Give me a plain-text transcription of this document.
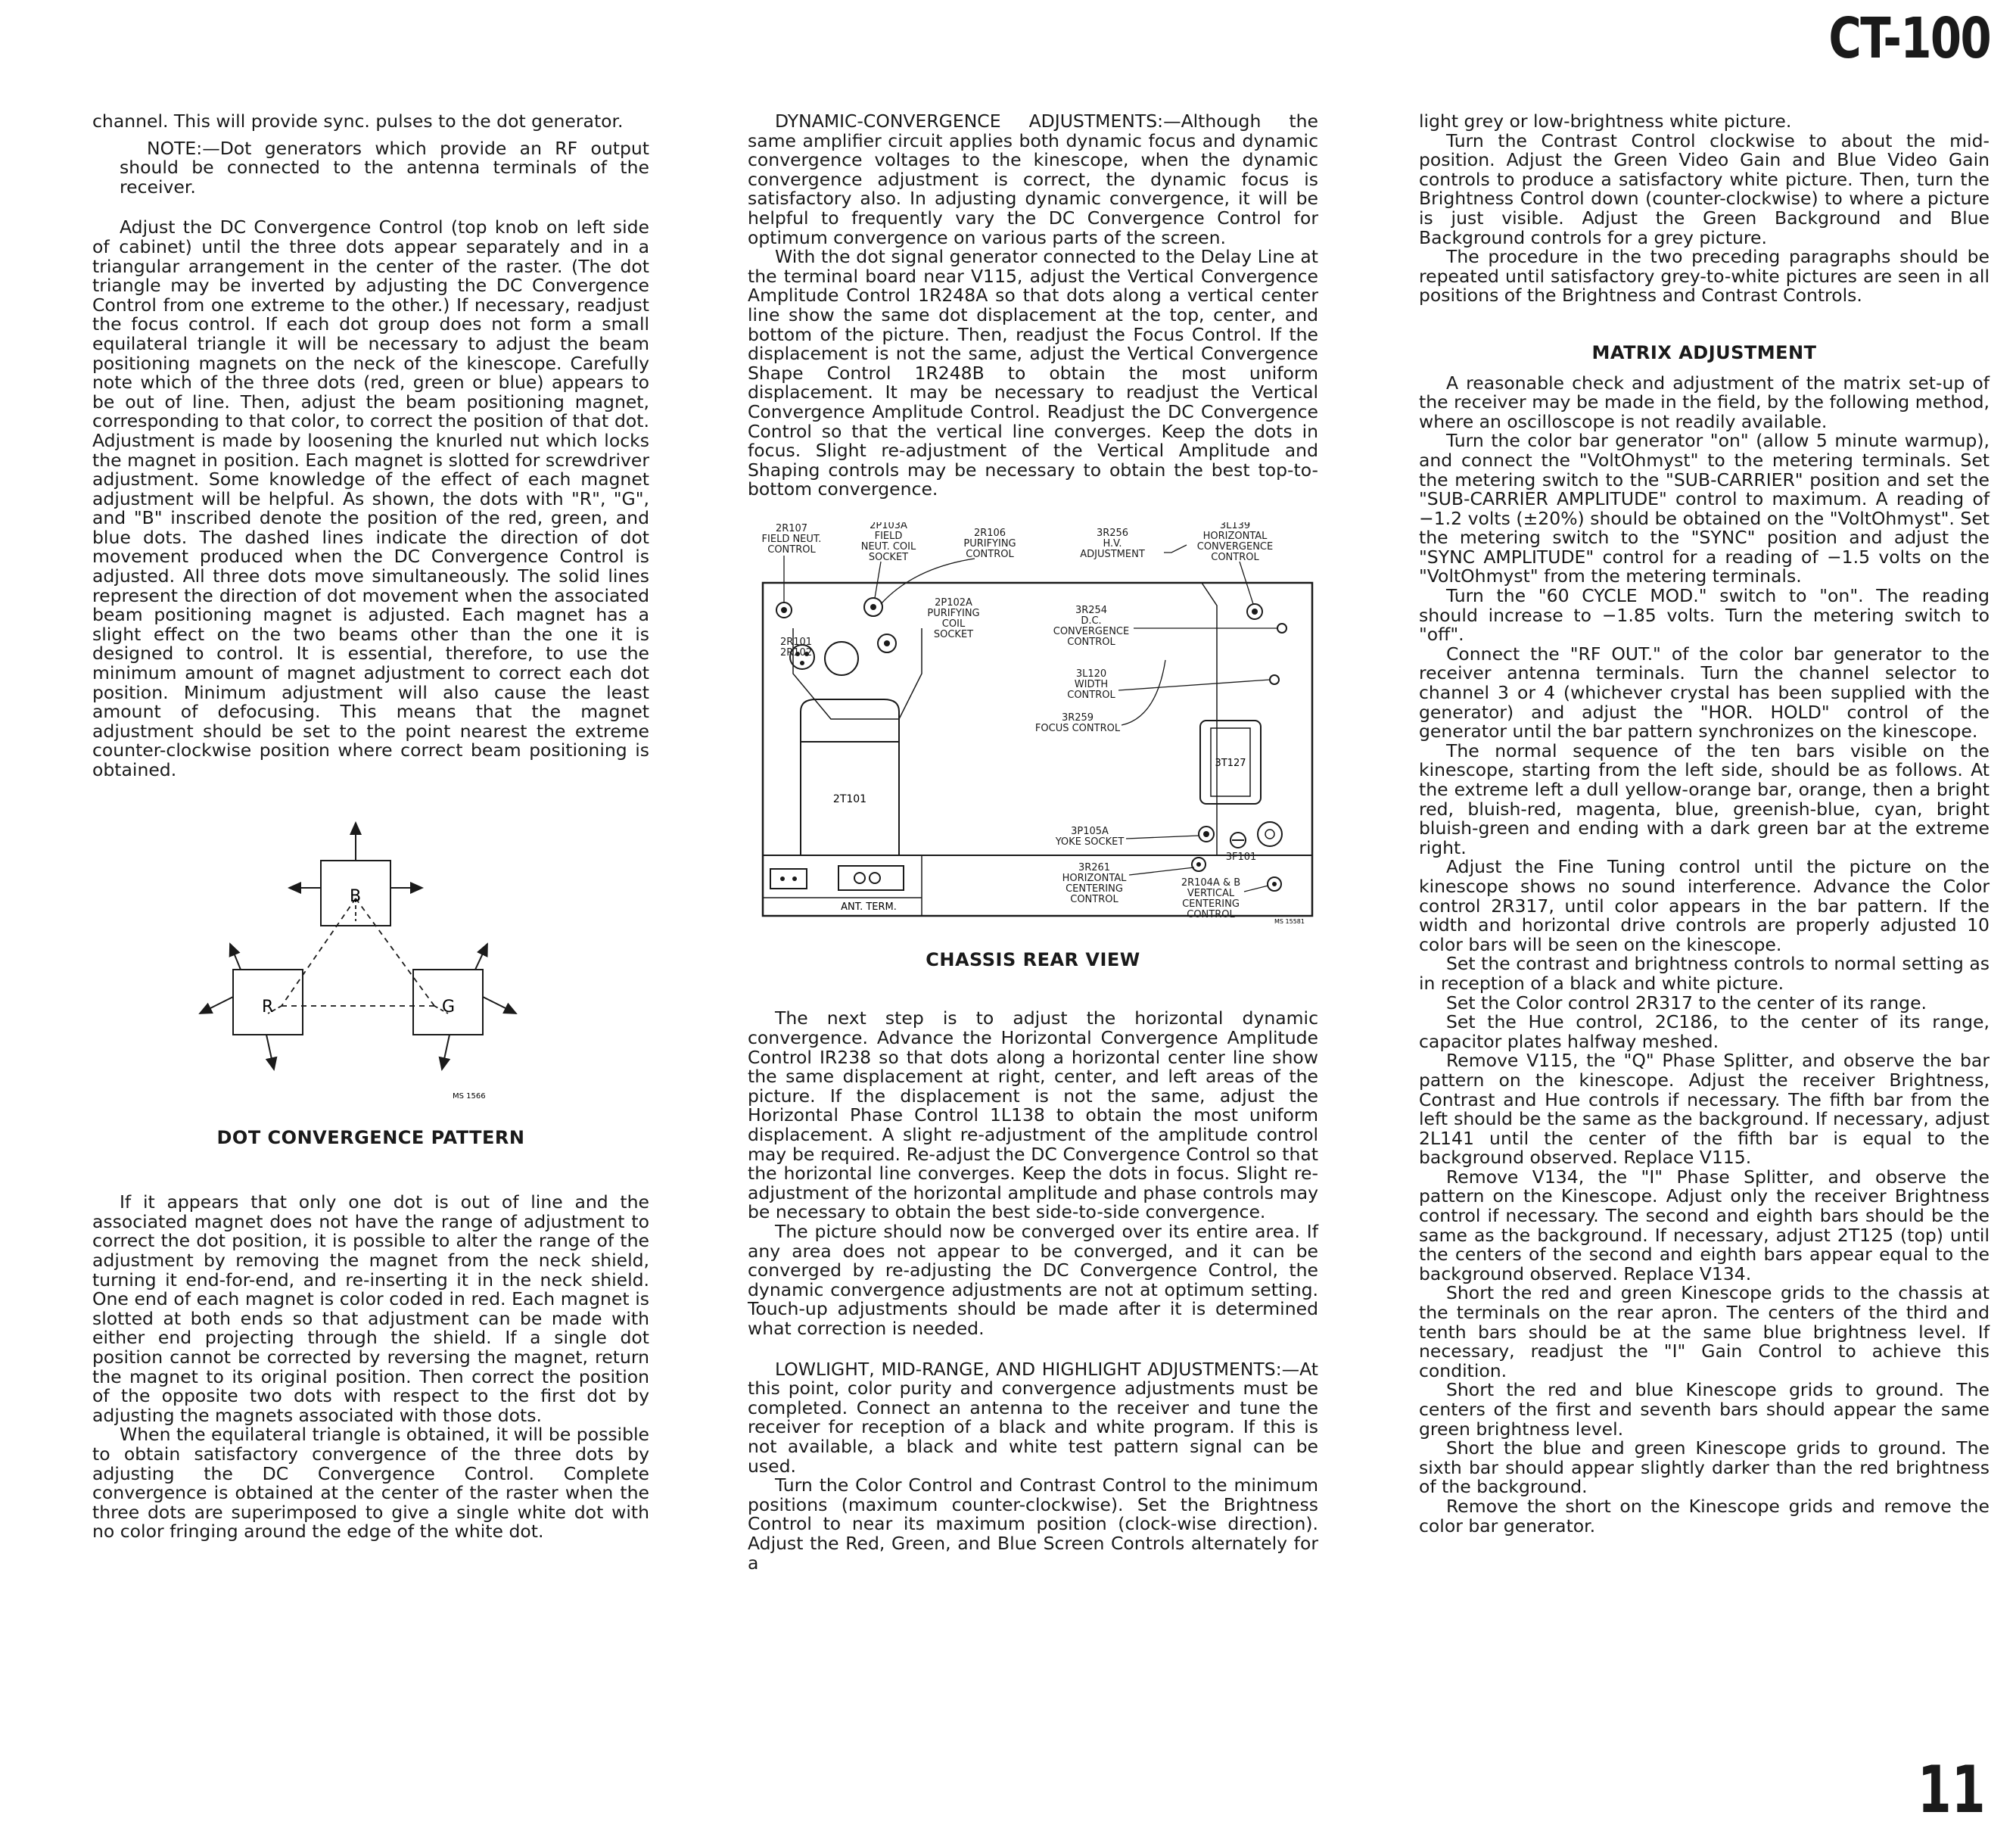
CT-100

channel. This will provide sync. pulses to the dot generator.

NOTE:—Dot generators which provide an RF output should be connected to the antenna terminals of the receiver.

Adjust the DC Convergence Control (top knob on left side of cabinet) until the three dots appear separately and in a triangular arrangement in the center of the raster. (The dot triangle may be inverted by adjusting the DC Convergence Control from one extreme to the other.) If necessary, readjust the focus control. If each dot group does not form a small equilateral triangle it will be necessary to adjust the beam positioning magnets on the neck of the kinescope. Carefully note which of the three dots (red, green or blue) appears to be out of line. Then, adjust the beam positioning magnet, corresponding to that color, to correct the position of that dot. Adjustment is made by loosening the knurled nut which locks the magnet in position. Each magnet is slotted for screwdriver adjustment. Some knowledge of the effect of each magnet adjustment will be helpful. As shown, the dots with "R", "G", and "B" inscribed denote the position of the red, green, and blue dots. The dashed lines indicate the direction of dot movement produced when the DC Convergence Control is adjusted. All three dots move simultaneously. The solid lines represent the direction of dot movement when the associated beam positioning magnet is adjusted. Each magnet has a slight effect on the two beams other than the one it is designed to control. It is essential, therefore, to use the minimum amount of magnet adjustment to correct each dot position. Minimum adjustment will also cause the least amount of defocusing. This means that the magnet adjustment should be set to the point nearest the extreme counter-clockwise position where correct beam positioning is obtained.

B
R	G
MS 1566
DOT CONVERGENCE PATTERN

If it appears that only one dot is out of line and the associated magnet does not have the range of adjustment to correct the dot position, it is possible to alter the range of the adjustment by removing the magnet from the neck shield, turning it end-for-end, and re-inserting it in the neck shield. One end of each magnet is color coded in red. Each magnet is slotted at both ends so that adjustment can be made with either end projecting through the shield. If a single dot position cannot be corrected by reversing the magnet, return the magnet to its original position. Then correct the position of the opposite two dots with respect to the first dot by adjusting the magnets associated with those dots.

When the equilateral triangle is obtained, it will be possible to obtain satisfactory convergence of the three dots by adjusting the DC Convergence Control. Complete convergence is obtained at the center of the raster when the three dots are superimposed to give a single white dot with no color fringing around the edge of the white dot.

DYNAMIC-CONVERGENCE ADJUSTMENTS:—Although the same amplifier circuit applies both dynamic focus and dynamic convergence voltages to the kinescope, when the dynamic convergence adjustment is correct, the dynamic focus is satisfactory also. In adjusting dynamic convergence, it will be helpful to frequently vary the DC Convergence Control for optimum convergence on various parts of the screen.

With the dot signal generator connected to the Delay Line at the terminal board near V115, adjust the Vertical Convergence Amplitude Control 1R248A so that dots along a vertical center line show the same dot displacement at the top, center, and bottom of the picture. Then, readjust the Focus Control. If the displacement is not the same, adjust the Vertical Convergence Shape Control 1R248B to obtain the most uniform displacement. It may be necessary to readjust the Vertical Convergence Amplitude Control. Readjust the DC Convergence Control so that the vertical line converges. Keep the dots in focus. Slight re-adjustment of the Vertical Amplitude and Shaping controls may be necessary to obtain the best top-to-bottom convergence.

2R107
FIELD NEUT.
CONTROL
2P103A
FIELD
NEUT. COIL
SOCKET
2R106
PURIFYING
CONTROL
3R256
H.V.
ADJUSTMENT
3L139
HORIZONTAL
CONVERGENCE
CONTROL
2R101
2R102
2P102A
PURIFYING
COIL
SOCKET
3R254
D.C.
CONVERGENCE
CONTROL
3L120
WIDTH
CONTROL
3R259
FOCUS CONTROL
2T101
3T127
3P105A
YOKE SOCKET
3F101
3R261
HORIZONTAL
CENTERING
CONTROL
2R104A & B
VERTICAL
CENTERING
CONTROL
ANT. TERM.
MS 15581
CHASSIS REAR VIEW

The next step is to adjust the horizontal dynamic convergence. Advance the Horizontal Convergence Amplitude Control IR238 so that dots along a horizontal center line show the same displacement at right, center, and left areas of the picture. If the displacement is not the same, adjust the Horizontal Phase Control 1L138 to obtain the most uniform displacement. A slight re-adjustment of the amplitude control may be required. Re-adjust the DC Convergence Control so that the horizontal line converges. Keep the dots in focus. Slight re-adjustment of the horizontal amplitude and phase controls may be necessary to obtain the best side-to-side convergence.

The picture should now be converged over its entire area. If any area does not appear to be converged, and it can be converged by re-adjusting the DC Convergence Control, the dynamic convergence adjustments are not at optimum setting. Touch-up adjustments should be made after it is determined what correction is needed.

LOWLIGHT, MID-RANGE, AND HIGHLIGHT ADJUSTMENTS:—At this point, color purity and convergence adjustments must be completed. Connect an antenna to the receiver and tune the receiver for reception of a black and white program. If this is not available, a black and white test pattern signal can be used.

Turn the Color Control and Contrast Control to the minimum positions (maximum counter-clockwise). Set the Brightness Control to near its maximum position (clock-wise direction). Adjust the Red, Green, and Blue Screen Controls alternately for a

light grey or low-brightness white picture.

Turn the Contrast Control clockwise to about the mid-position. Adjust the Green Video Gain and Blue Video Gain controls to produce a satisfactory white picture. Then, turn the Brightness Control down (counter-clockwise) to where a picture is just visible. Adjust the Green Background and Blue Background controls for a grey picture.

The procedure in the two preceding paragraphs should be repeated until satisfactory grey-to-white pictures are seen in all positions of the Brightness and Contrast Controls.

MATRIX ADJUSTMENT

A reasonable check and adjustment of the matrix set-up of the receiver may be made in the field, by the following method, where an oscilloscope is not readily available.

Turn the color bar generator "on" (allow 5 minute warmup), and connect the "VoltOhmyst" to the metering terminals. Set the metering switch to the "SUB-CARRIER" position and set the "SUB-CARRIER AMPLITUDE" control to maximum. A reading of −1.2 volts (±20%) should be obtained on the "VoltOhmyst". Set the metering switch to the "SYNC" position and adjust the "SYNC AMPLITUDE" control for a reading of −1.5 volts on the "VoltOhmyst" from the metering terminals.

Turn the "60 CYCLE MOD." switch to "on". The reading should increase to −1.85 volts. Turn the metering switch to "off".

Connect the "RF OUT." of the color bar generator to the receiver antenna terminals. Turn the channel selector to channel 3 or 4 (whichever crystal has been supplied with the generator) and adjust the "HOR. HOLD" control of the generator until the bar pattern synchronizes on the kinescope.

The normal sequence of the ten bars visible on the kinescope, starting from the left side, should be as follows. At the extreme left a dull yellow-orange bar, orange, then a bright red, bluish-red, magenta, blue, greenish-blue, cyan, bright bluish-green and ending with a dark green bar at the extreme right.

Adjust the Fine Tuning control until the picture on the kinescope shows no sound interference. Advance the Color control 2R317, until color appears in the bar pattern. If the width and horizontal drive controls are properly adjusted 10 color bars will be seen on the kinescope.

Set the contrast and brightness controls to normal setting as in reception of a black and white picture.

Set the Color control 2R317 to the center of its range.

Set the Hue control, 2C186, to the center of its range, capacitor plates halfway meshed.

Remove V115, the "Q" Phase Splitter, and observe the bar pattern on the kinescope. Adjust the receiver Brightness, Contrast and Hue controls if necessary. The fifth bar from the left should be the same as the background. If necessary, adjust 2L141 until the center of the fifth bar is equal to the background observed. Replace V115.

Remove V134, the "I" Phase Splitter, and observe the pattern on the Kinescope. Adjust only the receiver Brightness control if necessary. The second and eighth bars should be the same as the background. If necessary, adjust 2T125 (top) until the centers of the second and eighth bars appear equal to the background observed. Replace V134.

Short the red and green Kinescope grids to the chassis at the terminals on the rear apron. The centers of the third and tenth bars should be at the same blue brightness level. If necessary, readjust the "I" Gain Control to achieve this condition.

Short the red and blue Kinescope grids to ground. The centers of the first and seventh bars should appear the same green brightness level.

Short the blue and green Kinescope grids to ground. The sixth bar should appear slightly darker than the red brightness of the background.

Remove the short on the Kinescope grids and remove the color bar generator.

11
